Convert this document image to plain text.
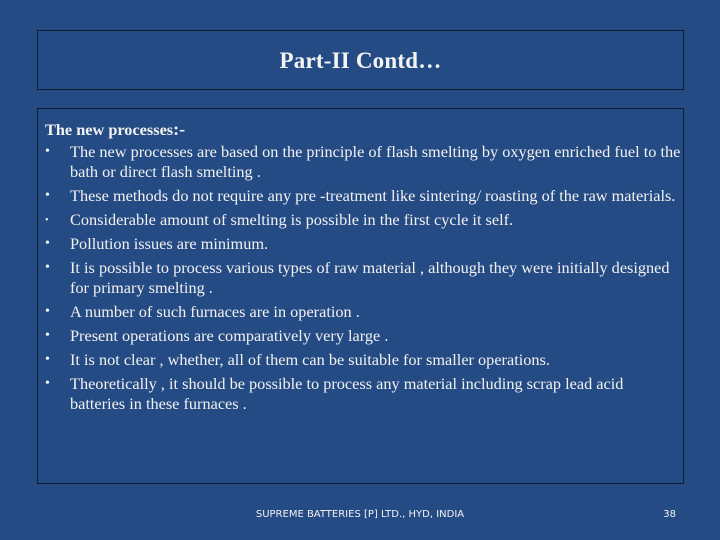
Part-II Contd…
The new processes:-
• The new processes are based on the principle of flash smelting by oxygen enriched fuel to the bath or direct flash smelting .
• These methods do not require any pre -treatment like sintering/ roasting of the raw materials.
• Considerable amount of smelting is possible in the first cycle it self.
• Pollution issues are minimum.
• It is possible to process various types of raw material , although they were initially designed for primary smelting .
• A number of such furnaces are in operation .
• Present operations are comparatively very large .
• It is not clear , whether, all of them can be suitable for smaller operations.
• Theoretically , it should be possible to process any material including scrap lead acid batteries in these furnaces .
SUPREME BATTERIES [P] LTD., HYD, INDIA	38
